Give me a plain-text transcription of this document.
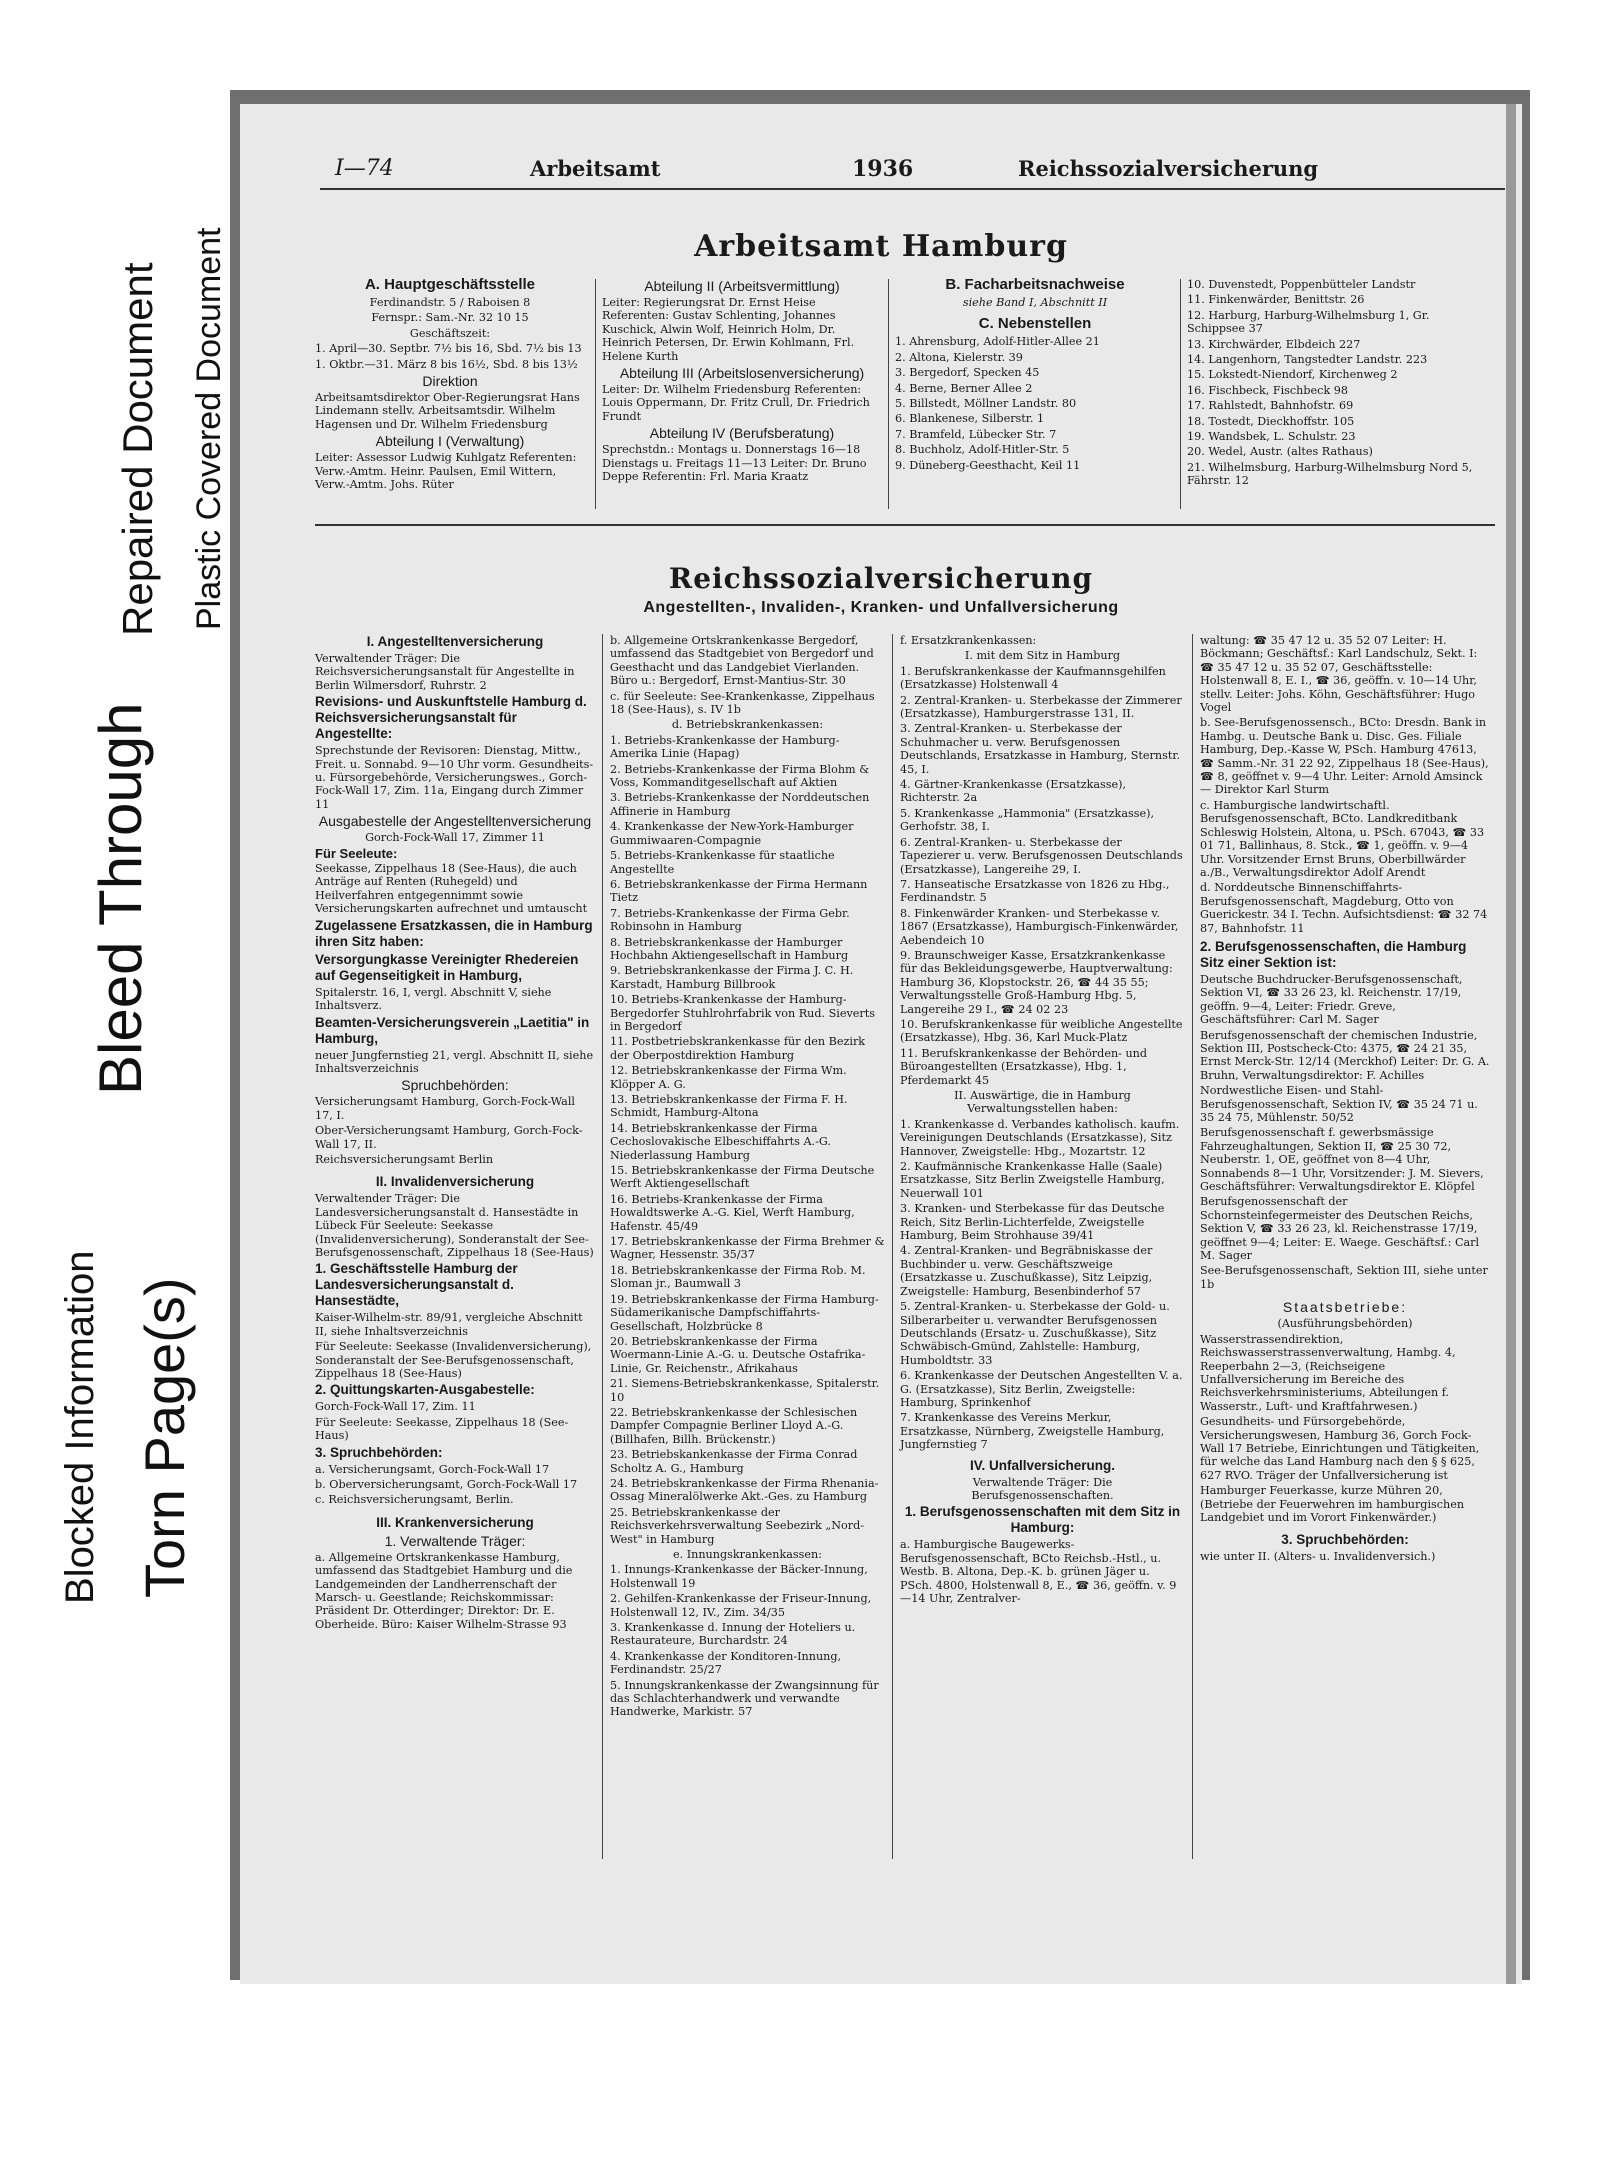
Repaired Document Plastic Covered Document
Bleed Through
Blocked Information Torn Page(s)
I—74	Arbeitsamt	1936	Reichssozialversicherung
Arbeitsamt Hamburg

A. Hauptgeschäftsstelle

Ferdinandstr. 5 / Raboisen 8

Fernspr.: Sam.-Nr. 32 10 15

Geschäftszeit:

1. April—30. Septbr. 7½ bis 16, Sbd. 7½ bis 13

1. Oktbr.—31. März 8 bis 16½, Sbd. 8 bis 13½

Direktion

Arbeitsamtsdirektor Ober-Regierungsrat Hans Lindemann stellv. Arbeitsamtsdir. Wilhelm Hagensen und Dr. Wilhelm Friedensburg

Abteilung I (Verwaltung)

Leiter: Assessor Ludwig Kuhlgatz Referenten: Verw.-Amtm. Heinr. Paulsen, Emil Wittern, Verw.-Amtm. Johs. Rüter

Abteilung II (Arbeitsvermittlung)

Leiter: Regierungsrat Dr. Ernst Heise Referenten: Gustav Schlenting, Johannes Kuschick, Alwin Wolf, Heinrich Holm, Dr. Heinrich Petersen, Dr. Erwin Kohlmann, Frl. Helene Kurth

Abteilung III (Arbeitslosenversicherung)

Leiter: Dr. Wilhelm Friedensburg Referenten: Louis Oppermann, Dr. Fritz Crull, Dr. Friedrich Frundt

Abteilung IV (Berufsberatung)

Sprechstdn.: Montags u. Donnerstags 16—18 Dienstags u. Freitags 11—13 Leiter: Dr. Bruno Deppe Referentin: Frl. Maria Kraatz

B. Facharbeitsnachweise

siehe Band I, Abschnitt II

C. Nebenstellen

1. Ahrensburg, Adolf-Hitler-Allee 21

2. Altona, Kielerstr. 39

3. Bergedorf, Specken 45

4. Berne, Berner Allee 2

5. Billstedt, Möllner Landstr. 80

6. Blankenese, Silberstr. 1

7. Bramfeld, Lübecker Str. 7

8. Buchholz, Adolf-Hitler-Str. 5

9. Düneberg-Geesthacht, Keil 11

10. Duvenstedt, Poppenbütteler Landstr

11. Finkenwärder, Benittstr. 26

12. Harburg, Harburg-Wilhelmsburg 1, Gr. Schippsee 37

13. Kirchwärder, Elbdeich 227

14. Langenhorn, Tangstedter Landstr. 223

15. Lokstedt-Niendorf, Kirchenweg 2

16. Fischbeck, Fischbeck 98

17. Rahlstedt, Bahnhofstr. 69

18. Tostedt, Dieckhoffstr. 105

19. Wandsbek, L. Schulstr. 23

20. Wedel, Austr. (altes Rathaus)

21. Wilhelmsburg, Harburg-Wilhelmsburg Nord 5, Fährstr. 12

Reichssozialversicherung
Angestellten-, Invaliden-, Kranken- und Unfallversicherung

I. Angestelltenversicherung

Verwaltender Träger: Die Reichsversicherungsanstalt für Angestellte in Berlin Wilmersdorf, Ruhrstr. 2

Revisions- und Auskunftstelle Hamburg d. Reichsversicherungsanstalt für Angestellte:

Sprechstunde der Revisoren: Dienstag, Mittw., Freit. u. Sonnabd. 9—10 Uhr vorm. Gesundheits- u. Fürsorgebehörde, Versicherungswes., Gorch-Fock-Wall 17, Zim. 11a, Eingang durch Zimmer 11

Ausgabestelle der Angestelltenversicherung

Gorch-Fock-Wall 17, Zimmer 11

Für Seeleute:

Seekasse, Zippelhaus 18 (See-Haus), die auch Anträge auf Renten (Ruhegeld) und Heilverfahren entgegennimmt sowie Versicherungskarten aufrechnet und umtauscht

Zugelassene Ersatzkassen, die in Hamburg ihren Sitz haben:

Versorgungkasse Vereinigter Rhedereien auf Gegenseitigkeit in Hamburg,

Spitalerstr. 16, I, vergl. Abschnitt V, siehe Inhaltsverz.

Beamten-Versicherungsverein „Laetitia" in Hamburg,

neuer Jungfernstieg 21, vergl. Abschnitt II, siehe Inhaltsverzeichnis

Spruchbehörden:

Versicherungsamt Hamburg, Gorch-Fock-Wall 17, I.

Ober-Versicherungsamt Hamburg, Gorch-Fock-Wall 17, II.

Reichsversicherungsamt Berlin

II. Invalidenversicherung

Verwaltender Träger: Die Landesversicherungsanstalt d. Hansestädte in Lübeck Für Seeleute: Seekasse (Invalidenversicherung), Sonderanstalt der See-Berufsgenossenschaft, Zippelhaus 18 (See-Haus)

1. Geschäftsstelle Hamburg der Landesversicherungsanstalt d. Hansestädte,

Kaiser-Wilhelm-str. 89/91, vergleiche Abschnitt II, siehe Inhaltsverzeichnis

Für Seeleute: Seekasse (Invalidenversicherung), Sonderanstalt der See-Berufsgenossenschaft, Zippelhaus 18 (See-Haus)

2. Quittungskarten-Ausgabestelle:

Gorch-Fock-Wall 17, Zim. 11

Für Seeleute: Seekasse, Zippelhaus 18 (See-Haus)

3. Spruchbehörden:

a. Versicherungsamt, Gorch-Fock-Wall 17

b. Oberversicherungsamt, Gorch-Fock-Wall 17

c. Reichsversicherungsamt, Berlin.

III. Krankenversicherung

1. Verwaltende Träger:

a. Allgemeine Ortskrankenkasse Hamburg, umfassend das Stadtgebiet Hamburg und die Landgemeinden der Landherrenschaft der Marsch- u. Geestlande; Reichskommissar: Präsident Dr. Otterdinger; Direktor: Dr. E. Oberheide. Büro: Kaiser Wilhelm-Strasse 93

b. Allgemeine Ortskrankenkasse Bergedorf, umfassend das Stadtgebiet von Bergedorf und Geesthacht und das Landgebiet Vierlanden. Büro u.: Bergedorf, Ernst-Mantius-Str. 30

c. für Seeleute: See-Krankenkasse, Zippelhaus 18 (See-Haus), s. IV 1b

d. Betriebskrankenkassen:

1. Betriebs-Krankenkasse der Hamburg-Amerika Linie (Hapag)

2. Betriebs-Krankenkasse der Firma Blohm & Voss, Kommanditgesellschaft auf Aktien

3. Betriebs-Krankenkasse der Norddeutschen Affinerie in Hamburg

4. Krankenkasse der New-York-Hamburger Gummiwaaren-Compagnie

5. Betriebs-Krankenkasse für staatliche Angestellte

6. Betriebskrankenkasse der Firma Hermann Tietz

7. Betriebs-Krankenkasse der Firma Gebr. Robinsohn in Hamburg

8. Betriebskrankenkasse der Hamburger Hochbahn Aktiengesellschaft in Hamburg

9. Betriebskrankenkasse der Firma J. C. H. Karstadt, Hamburg Billbrook

10. Betriebs-Krankenkasse der Hamburg-Bergedorfer Stuhlrohrfabrik von Rud. Sieverts in Bergedorf

11. Postbetriebskrankenkasse für den Bezirk der Oberpostdirektion Hamburg

12. Betriebskrankenkasse der Firma Wm. Klöpper A. G.

13. Betriebskrankenkasse der Firma F. H. Schmidt, Hamburg-Altona

14. Betriebskrankenkasse der Firma Cechoslovakische Elbeschiffahrts A.-G. Niederlassung Hamburg

15. Betriebskrankenkasse der Firma Deutsche Werft Aktiengesellschaft

16. Betriebs-Krankenkasse der Firma Howaldtswerke A.-G. Kiel, Werft Hamburg, Hafenstr. 45/49

17. Betriebskrankenkasse der Firma Brehmer & Wagner, Hessenstr. 35/37

18. Betriebskrankenkasse der Firma Rob. M. Sloman jr., Baumwall 3

19. Betriebskrankenkasse der Firma Hamburg-Südamerikanische Dampfschiffahrts-Gesellschaft, Holzbrücke 8

20. Betriebskrankenkasse der Firma Woermann-Linie A.-G. u. Deutsche Ostafrika-Linie, Gr. Reichenstr., Afrikahaus

21. Siemens-Betriebskrankenkasse, Spitalerstr. 10

22. Betriebskrankenkasse der Schlesischen Dampfer Compagnie Berliner Lloyd A.-G. (Billhafen, Billh. Brückenstr.)

23. Betriebskankenkasse der Firma Conrad Scholtz A. G., Hamburg

24. Betriebskrankenkasse der Firma Rhenania-Ossag Mineralölwerke Akt.-Ges. zu Hamburg

25. Betriebskrankenkasse der Reichsverkehrsverwaltung Seebezirk „Nord-West" in Hamburg

e. Innungskrankenkassen:

1. Innungs-Krankenkasse der Bäcker-Innung, Holstenwall 19

2. Gehilfen-Krankenkasse der Friseur-Innung, Holstenwall 12, IV., Zim. 34/35

3. Krankenkasse d. Innung der Hoteliers u. Restaurateure, Burchardstr. 24

4. Krankenkasse der Konditoren-Innung, Ferdinandstr. 25/27

5. Innungskrankenkasse der Zwangsinnung für das Schlachterhandwerk und verwandte Handwerke, Markistr. 57

f. Ersatzkrankenkassen:

I. mit dem Sitz in Hamburg

1. Berufskrankenkasse der Kaufmannsgehilfen (Ersatzkasse) Holstenwall 4

2. Zentral-Kranken- u. Sterbekasse der Zimmerer (Ersatzkasse), Hamburgerstrasse 131, II.

3. Zentral-Kranken- u. Sterbekasse der Schuhmacher u. verw. Berufsgenossen Deutschlands, Ersatzkasse in Hamburg, Sternstr. 45, I.

4. Gärtner-Krankenkasse (Ersatzkasse), Richterstr. 2a

5. Krankenkasse „Hammonia" (Ersatzkasse), Gerhofstr. 38, I.

6. Zentral-Kranken- u. Sterbekasse der Tapezierer u. verw. Berufsgenossen Deutschlands (Ersatzkasse), Langereihe 29, I.

7. Hanseatische Ersatzkasse von 1826 zu Hbg., Ferdinandstr. 5

8. Finkenwärder Kranken- und Sterbekasse v. 1867 (Ersatzkasse), Hamburgisch-Finkenwärder, Aebendeich 10

9. Braunschweiger Kasse, Ersatzkrankenkasse für das Bekleidungsgewerbe, Hauptverwaltung: Hamburg 36, Klopstockstr. 26, ☎ 44 35 55; Verwaltungsstelle Groß-Hamburg Hbg. 5, Langereihe 29 I., ☎ 24 02 23

10. Berufskrankenkasse für weibliche Angestellte (Ersatzkasse), Hbg. 36, Karl Muck-Platz

11. Berufskrankenkasse der Behörden- und Büroangestellten (Ersatzkasse), Hbg. 1, Pferdemarkt 45

II. Auswärtige, die in Hamburg Verwaltungsstellen haben:

1. Krankenkasse d. Verbandes katholisch. kaufm. Vereinigungen Deutschlands (Ersatzkasse), Sitz Hannover, Zweigstelle: Hbg., Mozartstr. 12

2. Kaufmännische Krankenkasse Halle (Saale) Ersatzkasse, Sitz Berlin Zweigstelle Hamburg, Neuerwall 101

3. Kranken- und Sterbekasse für das Deutsche Reich, Sitz Berlin-Lichterfelde, Zweigstelle Hamburg, Beim Strohhause 39/41

4. Zentral-Kranken- und Begräbniskasse der Buchbinder u. verw. Geschäftszweige (Ersatzkasse u. Zuschußkasse), Sitz Leipzig, Zweigstelle: Hamburg, Besenbinderhof 57

5. Zentral-Kranken- u. Sterbekasse der Gold- u. Silberarbeiter u. verwandter Berufsgenossen Deutschlands (Ersatz- u. Zuschußkasse), Sitz Schwäbisch-Gmünd, Zahlstelle: Hamburg, Humboldtstr. 33

6. Krankenkasse der Deutschen Angestellten V. a. G. (Ersatzkasse), Sitz Berlin, Zweigstelle: Hamburg, Sprinkenhof

7. Krankenkasse des Vereins Merkur, Ersatzkasse, Nürnberg, Zweigstelle Hamburg, Jungfernstieg 7

IV. Unfallversicherung.

Verwaltende Träger: Die Berufsgenossenschaften.

1. Berufsgenossenschaften mit dem Sitz in Hamburg:

a. Hamburgische Baugewerks-Berufsgenossenschaft, BCto Reichsb.-Hstl., u. Westb. B. Altona, Dep.-K. b. grünen Jäger u. PSch. 4800, Holstenwall 8, E., ☎ 36, geöffn. v. 9—14 Uhr, Zentralver-

waltung: ☎ 35 47 12 u. 35 52 07 Leiter: H. Böckmann; Geschäftsf.: Karl Landschulz, Sekt. I: ☎ 35 47 12 u. 35 52 07, Geschäftsstelle: Holstenwall 8, E. I., ☎ 36, geöffn. v. 10—14 Uhr, stellv. Leiter: Johs. Köhn, Geschäftsführer: Hugo Vogel

b. See-Berufsgenossensch., BCto: Dresdn. Bank in Hambg. u. Deutsche Bank u. Disc. Ges. Filiale Hamburg, Dep.-Kasse W, PSch. Hamburg 47613, ☎ Samm.-Nr. 31 22 92, Zippelhaus 18 (See-Haus), ☎ 8, geöffnet v. 9—4 Uhr. Leiter: Arnold Amsinck — Direktor Karl Sturm

c. Hamburgische landwirtschaftl. Berufsgenossenschaft, BCto. Landkreditbank Schleswig Holstein, Altona, u. PSch. 67043, ☎ 33 01 71, Ballinhaus, 8. Stck., ☎ 1, geöffn. v. 9—4 Uhr. Vorsitzender Ernst Bruns, Oberbillwärder a./B., Verwaltungsdirektor Adolf Arendt

d. Norddeutsche Binnenschiffahrts-Berufsgenossenschaft, Magdeburg, Otto von Guerickestr. 34 I. Techn. Aufsichtsdienst: ☎ 32 74 87, Bahnhofstr. 11

2. Berufsgenossenschaften, die Hamburg Sitz einer Sektion ist:

Deutsche Buchdrucker-Berufsgenossenschaft, Sektion VI, ☎ 33 26 23, kl. Reichenstr. 17/19, geöffn. 9—4, Leiter: Friedr. Greve, Geschäftsführer: Carl M. Sager

Berufsgenossenschaft der chemischen Industrie, Sektion III, Postscheck-Cto: 4375, ☎ 24 21 35, Ernst Merck-Str. 12/14 (Merckhof) Leiter: Dr. G. A. Bruhn, Verwaltungsdirektor: F. Achilles

Nordwestliche Eisen- und Stahl-Berufsgenossenschaft, Sektion IV, ☎ 35 24 71 u. 35 24 75, Mühlenstr. 50/52

Berufsgenossenschaft f. gewerbsmässige Fahrzeughaltungen, Sektion II, ☎ 25 30 72, Neuberstr. 1, OE, geöffnet von 8—4 Uhr, Sonnabends 8—1 Uhr, Vorsitzender: J. M. Sievers, Geschäftsführer: Verwaltungsdirektor E. Klöpfel

Berufsgenossenschaft der Schornsteinfegermeister des Deutschen Reichs, Sektion V, ☎ 33 26 23, kl. Reichenstrasse 17/19, geöffnet 9—4; Leiter: E. Waege. Geschäftsf.: Carl M. Sager

See-Berufsgenossenschaft, Sektion III, siehe unter 1b

Staatsbetriebe:

(Ausführungsbehörden)

Wasserstrassendirektion, Reichswasserstrassenverwaltung, Hambg. 4, Reeperbahn 2—3, (Reichseigene Unfallversicherung im Bereiche des Reichsverkehrsministeriums, Abteilungen f. Wasserstr., Luft- und Kraftfahrwesen.)

Gesundheits- und Fürsorgebehörde, Versicherungswesen, Hamburg 36, Gorch Fock-Wall 17 Betriebe, Einrichtungen und Tätigkeiten, für welche das Land Hamburg nach den § § 625, 627 RVO. Träger der Unfallversicherung ist

Hamburger Feuerkasse, kurze Mühren 20, (Betriebe der Feuerwehren im hamburgischen Landgebiet und im Vorort Finkenwärder.)

3. Spruchbehörden:

wie unter II. (Alters- u. Invalidenversich.)
